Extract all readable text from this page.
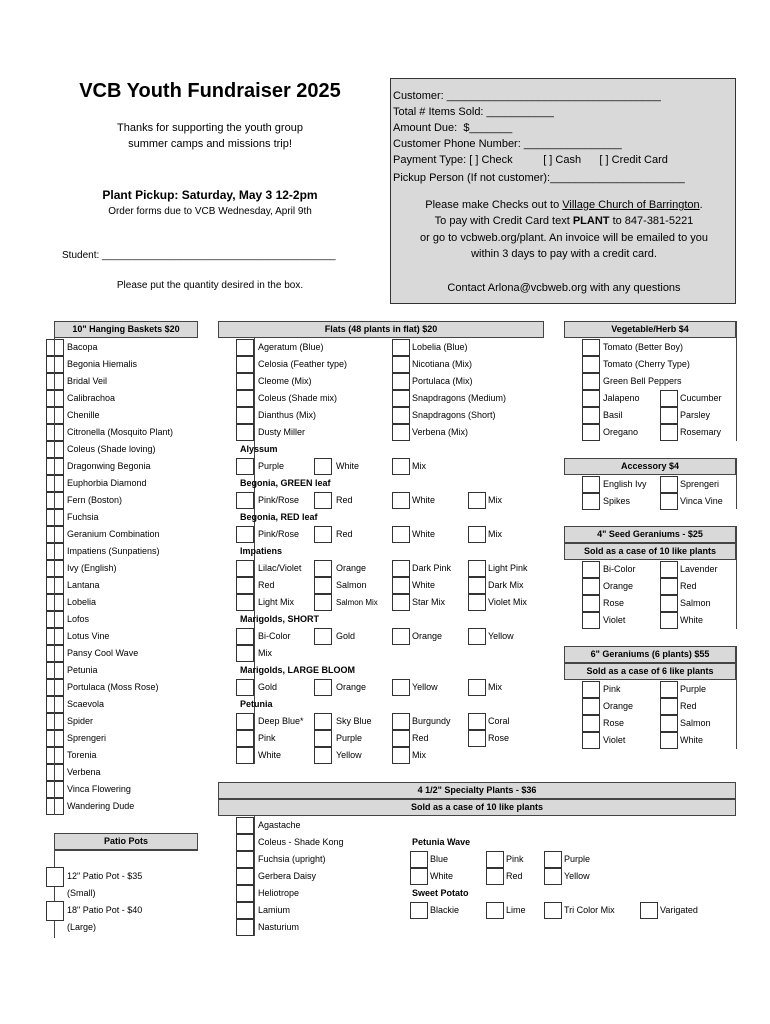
VCB Youth Fundraiser 2025
Thanks for supporting the youth group
summer camps and missions trip!
Plant Pickup: Saturday, May 3 12-2pm
Order forms due to VCB Wednesday, April 9th
Student: __________________________________________
Please put the quantity desired in the box.
Customer: ___________________________________
Total # Items Sold: ___________
Amount Due:  $_______
Customer Phone Number: ________________
Payment Type: [ ] Check          [ ] Cash      [ ] Credit Card
Pickup Person (If not customer):______________________
Please make Checks out to Village Church of Barrington.
To pay with Credit Card text PLANT to 847-381-5221
or go to vcbweb.org/plant. An invoice will be emailed to you
within 3 days to pay with a credit card.
Contact Arlona@vcbweb.org with any questions
10" Hanging Baskets $20
Bacopa
Begonia Hiemalis
Bridal Veil
Calibrachoa
Chenille
Citronella (Mosquito Plant)
Coleus (Shade loving)
Dragonwing Begonia
Euphorbia Diamond
Fern (Boston)
Fuchsia
Geranium Combination
Impatiens (Sunpatiens)
Ivy (English)
Lantana
Lobelia
Lofos
Lotus Vine
Pansy Cool Wave
Petunia
Portulaca (Moss Rose)
Scaevola
Spider
Sprengeri
Torenia
Verbena
Vinca Flowering
Wandering Dude
Patio Pots
12" Patio Pot - $35
(Small)
18" Patio Pot - $40
(Large)
Flats (48 plants in flat) $20
Ageratum (Blue)	Lobelia (Blue)
Celosia (Feather type)	Nicotiana (Mix)
Cleome (Mix)	Portulaca (Mix)
Coleus (Shade mix)	Snapdragons (Medium)
Dianthus (Mix)	Snapdragons (Short)
Dusty Miller	Verbena (Mix)
Alyssum
Purple	White	Mix
Begonia, GREEN leaf
Pink/Rose	Red	White	Mix
Begonia, RED leaf
Pink/Rose	Red	White	Mix
Impatiens
Lilac/Violet	Orange	Dark Pink	Light Pink
Red	Salmon	White	Dark Mix
Light Mix	Salmon Mix	Star Mix	Violet Mix
Marigolds, SHORT
Bi-Color	Gold	Orange	Yellow
Mix
Marigolds, LARGE BLOOM
Gold	Orange	Yellow	Mix
Petunia
Deep Blue*	Sky Blue	Burgundy	Coral
Pink	Purple	Red	Rose
White	Yellow	Mix
Vegetable/Herb $4
Tomato (Better Boy)
Tomato (Cherry Type)
Green Bell Peppers
Jalapeno	Cucumber
Basil	Parsley
Oregano	Rosemary
Accessory $4
English Ivy	Sprengeri
Spikes	Vinca Vine
4" Seed Geraniums - $25
Sold as a case of 10 like plants
Bi-Color	Lavender
Orange	Red
Rose	Salmon
Violet	White
6" Geraniums (6 plants) $55
Sold as a case of 6 like plants
Pink	Purple
Orange	Red
Rose	Salmon
Violet	White
4 1/2" Specialty Plants - $36
Sold as a case of 10 like plants
Agastache
Coleus - Shade Kong
Fuchsia (upright)
Gerbera Daisy
Heliotrope
Lamium
Nasturium
Petunia Wave
Blue	Pink	Purple
White	Red	Yellow
Sweet Potato
Blackie	Lime	Tri Color Mix	Varigated
